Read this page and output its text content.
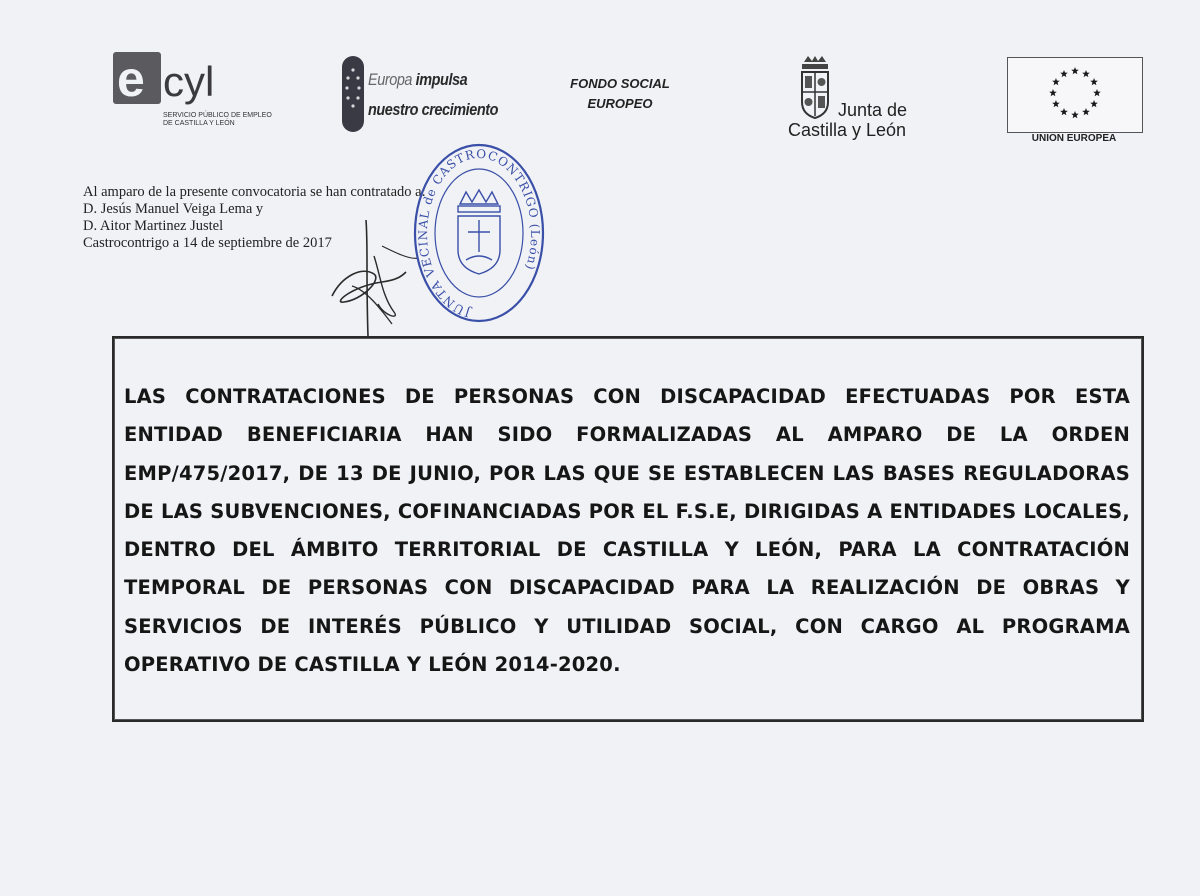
e cyl
SERVICIO PÚBLICO DE EMPLEO
DE CASTILLA Y LEÓN
Europa impulsa
nuestro crecimiento
FONDO SOCIAL
EUROPEO	Junta de
Castilla y León	UNION EUROPEA
Al amparo de la presente convocatoria se han contratado a:
D. Jesús Manuel Veiga Lema y
D. Aitor Martinez Justel
Castrocontrigo a 14 de septiembre de 2017
JUNTA VECINAL de CASTROCONTRIGO (León)
LAS CONTRATACIONES DE PERSONAS CON DISCAPACIDAD EFECTUADAS POR ESTA ENTIDAD BENEFICIARIA HAN SIDO FORMALIZADAS AL AMPARO DE LA ORDEN EMP/475/2017, DE 13 DE JUNIO, POR LAS QUE SE ESTABLECEN LAS BASES REGULADORAS DE LAS SUBVENCIONES, COFINANCIADAS POR EL F.S.E, DIRIGIDAS A ENTIDADES LOCALES, DENTRO DEL ÁMBITO TERRITORIAL DE CASTILLA Y LEÓN, PARA LA CONTRATACIÓN TEMPORAL DE PERSONAS CON DISCAPACIDAD PARA LA REALIZACIÓN DE OBRAS Y SERVICIOS DE INTERÉS PÚBLICO Y UTILIDAD SOCIAL, CON CARGO AL PROGRAMA OPERATIVO DE CASTILLA Y LEÓN 2014-2020.
